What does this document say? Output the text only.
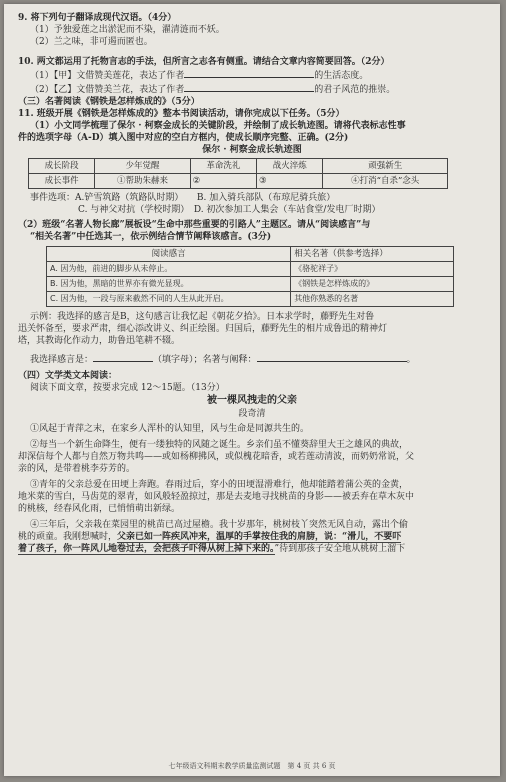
9. 将下列句子翻译成现代汉语。（4分）

（1）予独爱莲之出淤泥而不染，濯清涟而不妖。

（2）兰之味，非可遏而匿也。

10. 两文都运用了托物言志的手法，但所言之志各有侧重。请结合文章内容简要回答。（2分）

（1）【甲】文借赞美莲花，表达了作者	的生活态度。

（2）【乙】文借赞美兰花，表达了作者	的君子风范的推崇。

（三）名著阅读《钢铁是怎样炼成的》（5分）

11. 班级开展《钢铁是怎样炼成的》整本书阅读活动，请你完成以下任务。（5分）

（1）小文同学梳理了保尔 · 柯察金成长的关键阶段，并绘制了成长轨迹图。请将代表标志性事

件的选项字母（A-D）填入图中对应的空白方框内，使成长顺序完整、正确。(2分)

保尔 · 柯察金成长轨迹图

成长阶段	少年觉醒	革命洗礼	战火淬炼	顽强新生
成长事件	①帮助朱赫来	②	③	④打消“自杀”念头

事件选项：A.铲雪筑路（筑路队时期）　　 B. 加入骑兵部队（布琼尼骑兵旅）

C. 与神父对抗（学校时期）　 D. 初次参加工人集会（车站食堂/发电厂时期）

（2）班级“名著人物长廊”展板设“生命中那些重要的引路人”主题区。请从“阅读感言”与

“相关名著”中任选其一，依示例结合情节阐释该感言。(3分)

阅读感言	相关名著（供参考选择）
A. 因为他，前进的脚步从未停止。	《骆驼祥子》
B. 因为他，黑暗的世界亦有微光显现。	《钢铁是怎样炼成的》
C. 因为他，一段与原来截然不同的人生从此开启。	其他你熟悉的名著

示例：我选择的感言是B，这句感言让我忆起《朝花夕拾》。日本求学时，藤野先生对鲁

迅关怀备至，要求严肃，细心添改讲义、纠正绘图。归国后，藤野先生的相片成鲁迅的精神灯

塔，其教诲化作动力，助鲁迅笔耕不辍。

我选择感言是：	（填字母）；名著与阐释：	。

（四）文学类文本阅读：

阅读下面文章，按要求完成 12～15题。（13分）

被一棵风拽走的父亲

段奇清

①风起于青萍之末，在家乡人浑朴的认知里，风与生命是同源共生的。

②每当一个新生命降生，便有一缕独特的风随之诞生。乡亲们虽不懂葵辞里大王之雄风的典故，

却深信每个人都与自然万物共鸣——或如杨柳拂风，或似槐花暗香，或若莲动清波，而奶奶常说，父

亲的风，是带着桃李芬芳的。

③青年的父亲总爱在田埂上奔跑。春雨过后，穿小的田埂湿滑难行，他却能踏着蒲公英的金黄，

地米菜的雪白，马齿苋的翠青，如风般轻盈掠过，那是去麦地寻找桃苗的身影——被丢弃在草木灰中

的桃核，经春风化雨，已悄悄萌出新绿。

④三年后，父亲栽在菜园里的桃苗已高过屋檐。我十岁那年，桃树枝丫突然无风自动，露出个偷

桃的顽童。我刚想喊时，父亲已如一阵疾风冲来，温厚的手掌按住我的肩膀，说：“滑儿，不要吓

着了孩子，你一阵风儿地卷过去，会把孩子吓得从树上掉下来的。”待到那孩子安全地从桃树上溜下

七年级语文科期末教学质量监测试题　第 4 页 共 6 页
